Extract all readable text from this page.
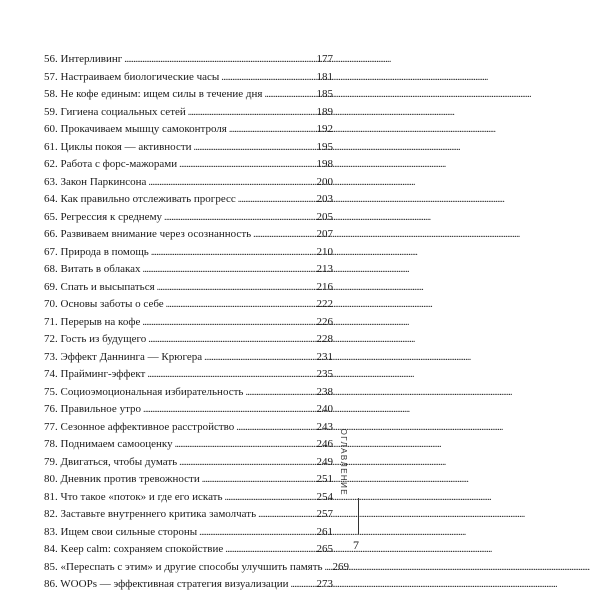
56. Интерливинг . . .	177
57. Настраиваем биологические часы . . .	181
58. Не кофе единым: ищем силы в течение дня . . .	185
59. Гигиена социальных сетей . . .	189
60. Прокачиваем мышцу самоконтроля . . .	192
61. Циклы покоя — активности . . .	195
62. Работа с форс-мажорами . . .	198
63. Закон Паркинсона . . .	200
64. Как правильно отслеживать прогресс . . .	203
65. Регрессия к среднему . . .	205
66. Развиваем внимание через осознанность . . .	207
67. Природа в помощь . . .	210
68. Витать в облаках . . .	213
69. Спать и высыпаться . . .	216
70. Основы заботы о себе . . .	222
71. Перерыв на кофе . . .	226
72. Гость из будущего . . .	228
73. Эффект Даннинга — Крюгера . . .	231
74. Прайминг-эффект . . .	235
75. Социоэмоциональная избирательность . . .	238
76. Правильное утро . . .	240
77. Сезонное аффективное расстройство . . .	243
78. Поднимаем самооценку . . .	246
79. Двигаться, чтобы думать . . .	249
80. Дневник против тревожности . . .	251
81. Что такое «поток» и где его искать . . .	254
82. Заставьте внутреннего критика замолчать . . .	257
83. Ищем свои сильные стороны . . .	261
84. Keep calm: сохраняем спокойствие . . .	265
85. «Переспать с этим» и другие способы улучшить память . . . 269
86. WOOPs — эффективная стратегия визуализации . . .	273
ОГЛАВЛЕНИЕ
7
